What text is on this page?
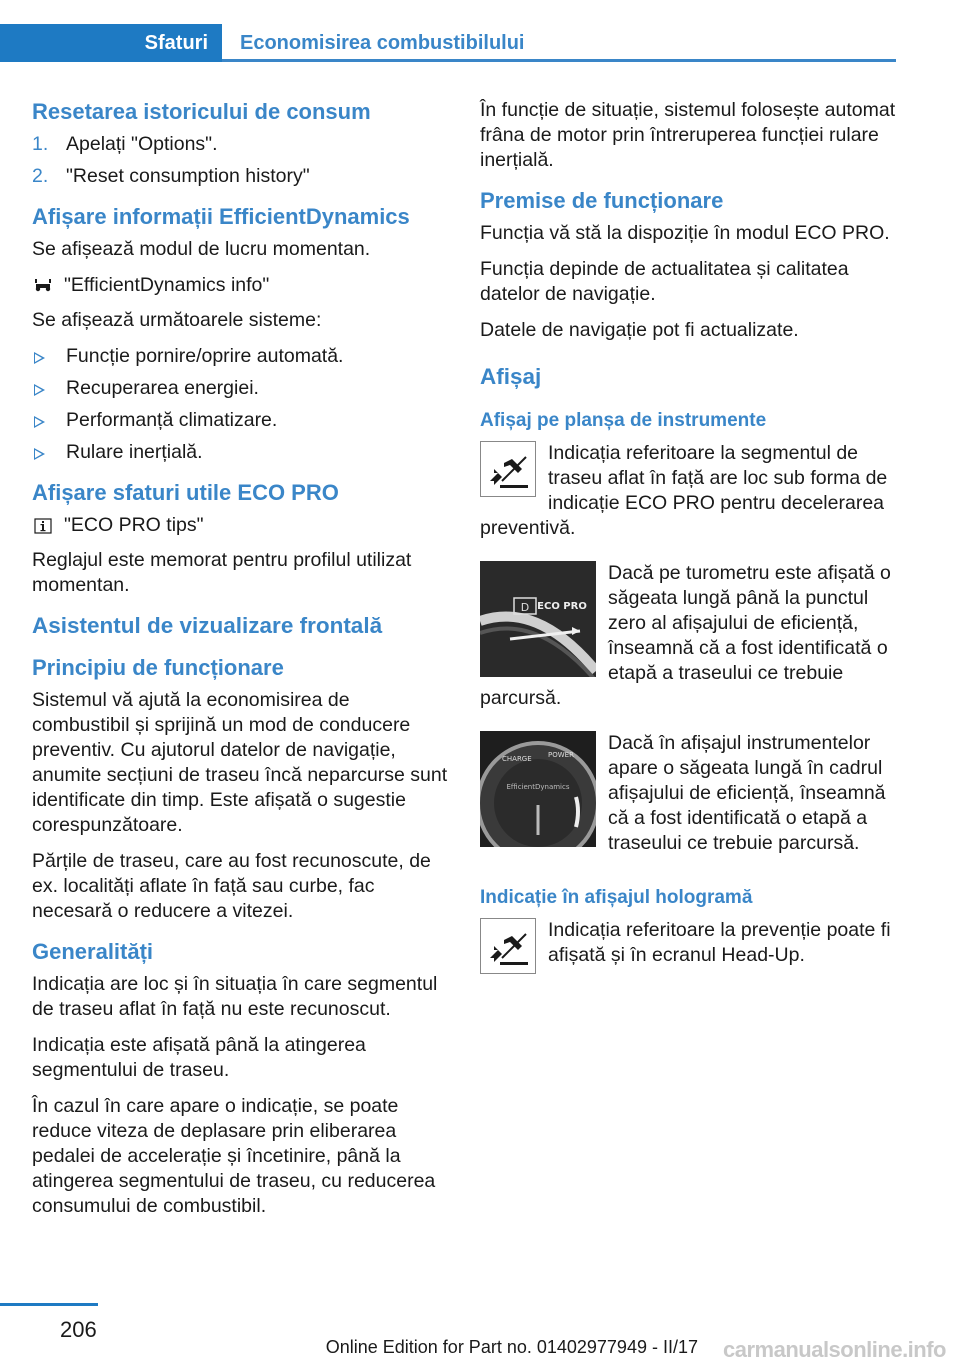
Sfaturi	Economisirea combustibilului
Resetarea istoricului de consum
1. Apelați "Options".
2. "Reset consumption history"
Afișare informații EfficientDynamics

Se afișează modul de lucru momentan.

"EfficientDynamics info"

Se afișează următoarele sisteme:

Funcție pornire/oprire automată.
Recuperarea energiei.
Performanță climatizare.
Rulare inerțială.
Afișare sfaturi utile ECO PRO
"ECO PRO tips"

Reglajul este memorat pentru profilul utilizat momentan.

Asistentul de vizualizare frontală
Principiu de funcționare

Sistemul vă ajută la economisirea de combustibil și sprijină un mod de conducere preventiv. Cu ajutorul datelor de navigație, anumite secțiuni de traseu încă neparcurse sunt identificate din timp. Este afișată o sugestie corespunzătoare.

Părțile de traseu, care au fost recunoscute, de ex. localități aflate în față sau curbe, fac necesară o reducere a vitezei.

Generalități

Indicația are loc și în situația în care segmentul de traseu aflat în față nu este recunoscut.

Indicația este afișată până la atingerea segmentului de traseu.

În cazul în care apare o indicație, se poate reduce viteza de deplasare prin eliberarea pedalei de accelerație și încetinire, până la atingerea segmentului de traseu, cu reducerea consumului de combustibil.

În funcție de situație, sistemul folosește automat frâna de motor prin întreruperea funcției rulare inerțială.

Premise de funcționare

Funcția vă stă la dispoziție în modul ECO PRO.

Funcția depinde de actualitatea și calitatea datelor de navigație.

Datele de navigație pot fi actualizate.

Afișaj
Afișaj pe planșa de instrumente

Indicația referitoare la segmentul de traseu aflat în față are loc sub forma de indicație ECO PRO pentru decelerarea preventivă.

D ECO PRO

Dacă pe turometru este afișată o săgeata lungă până la punctul zero al afișajului de eficiență, înseamnă că a fost identificată o etapă a traseului ce trebuie parcursă.

CHARGE POWER
EfficientDynamics

Dacă în afișajul instrumentelor apare o săgeata lungă în cadrul afișajului de eficiență, înseamnă că a fost identificată o etapă a traseului ce trebuie parcursă.

Indicație în afișajul hologramă

Indicația referitoare la prevenție poate fi afișată și în ecranul Head-Up.

206
Online Edition for Part no. 01402977949 - II/17 carmanualsonline.info
